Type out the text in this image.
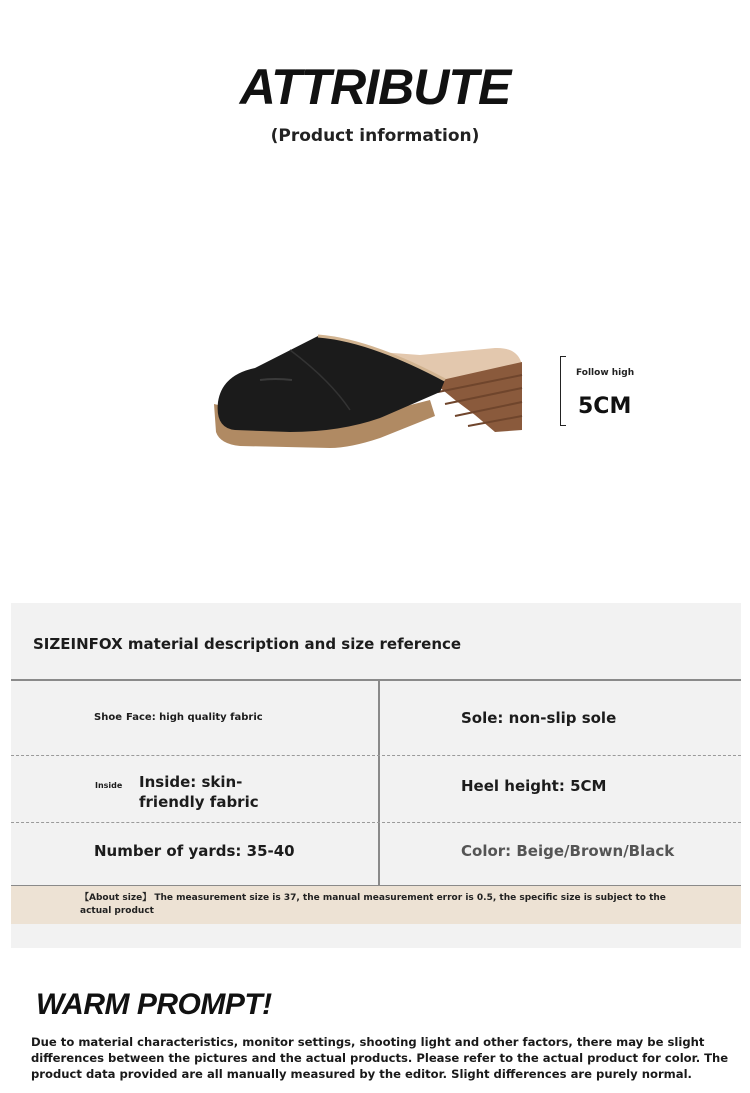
ATTRIBUTE
(Product information)
Follow high
5CM
SIZEINFOX material description and size reference
Shoe Face: high quality fabric	Sole: non-slip sole
Inside Inside: skin-friendly fabric
Heel height: 5CM
Number of yards: 35-40	Color: Beige/Brown/Black
【About size】 The measurement size is 37, the manual measurement error is 0.5, the specific size is subject to the actual product
WARM PROMPT!
Due to material characteristics, monitor settings, shooting light and other factors, there may be slight differences between the pictures and the actual products. Please refer to the actual product for color. The product data provided are all manually measured by the editor. Slight differences are purely normal.
